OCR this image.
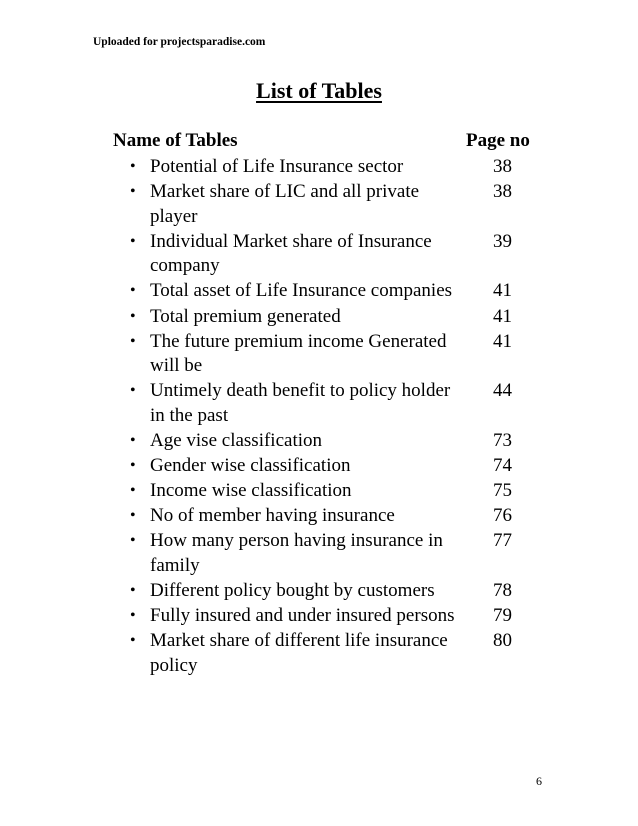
Uploaded for projectsparadise.com
List of Tables
Name of Tables	Page no
• Potential of Life Insurance sector	38
• Market share of LIC and all private player
38
• Individual Market share of Insurance company
39
• Total asset of Life Insurance companies 41
• Total premium generated	41
• The future premium income Generated will be
41
• Untimely death benefit to policy holder in the past
44
• Age vise classification	73
• Gender wise classification	74
• Income wise classification	75
• No of member having insurance	76
• How many person having insurance in family
77
• Different policy bought by customers	78
• Fully insured and under insured persons 79
• Market share of different life insurance policy
80
6
